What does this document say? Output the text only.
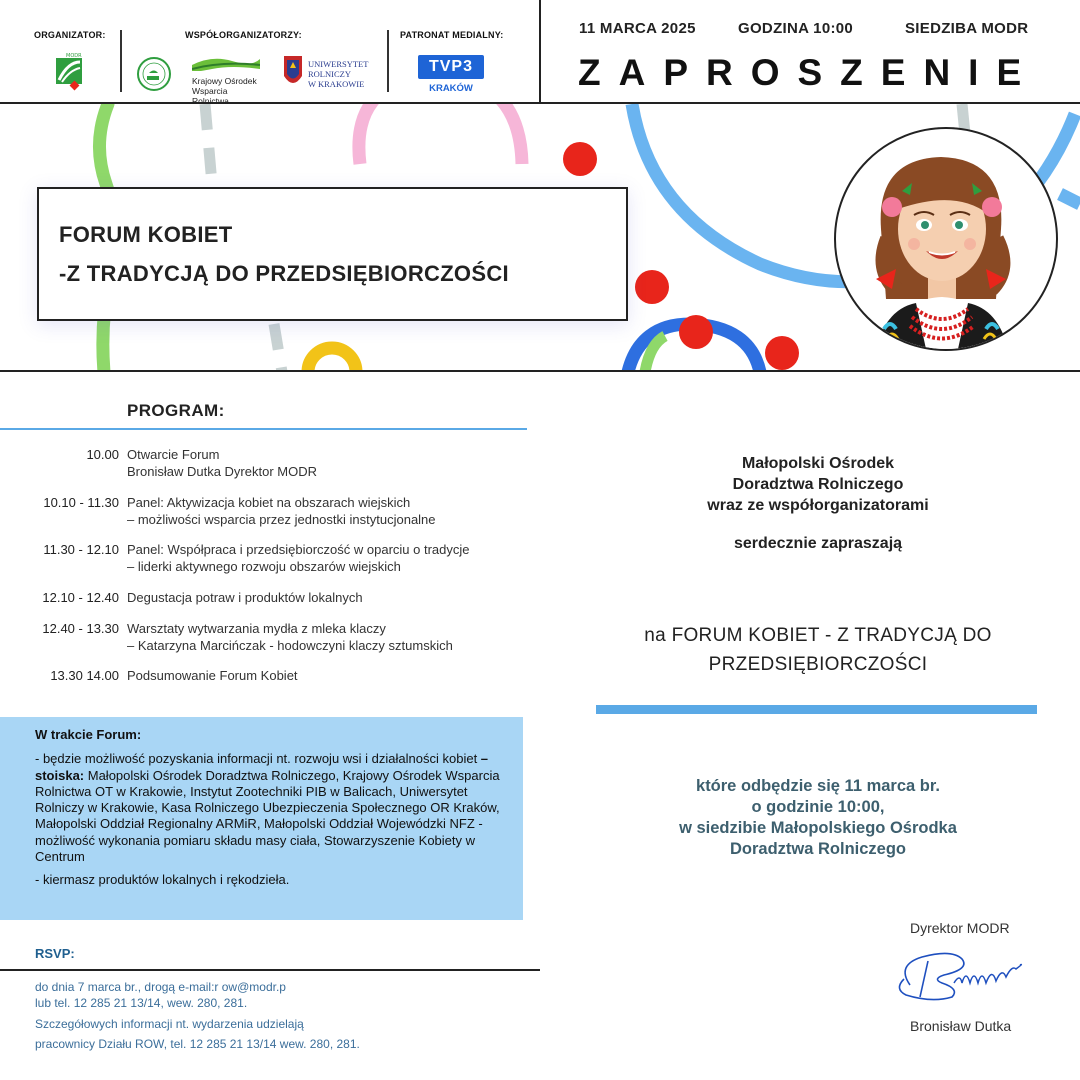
ORGANIZATOR:	WSPÓŁORGANIZATORZY:	PATRONAT MEDIALNY:
MODR
Krajowy Ośrodek
Wsparcia Rolnictwa
UNIWERSYTET
ROLNICZY
W KRAKOWIE
TVP3
KRAKÓW
11 MARCA 2025	GODZINA 10:00	SIEDZIBA MODR
ZAPROSZENIE
FORUM KOBIET
-Z TRADYCJĄ DO PRZEDSIĘBIORCZOŚCI
PROGRAM:
10.00 Otwarcie Forum
Bronisław Dutka Dyrektor MODR
10.10 - 11.30 Panel: Aktywizacja kobiet na obszarach wiejskich
– możliwości wsparcia przez jednostki instytucjonalne
11.30 - 12.10 Panel: Współpraca i przedsiębiorczość w oparciu o tradycje
– liderki aktywnego rozwoju obszarów wiejskich
12.10 - 12.40 Degustacja potraw i produktów lokalnych
12.40 - 13.30 Warsztaty wytwarzania mydła z mleka klaczy
– Katarzyna Marcińczak - hodowczyni klaczy sztumskich
13.30 14.00 Podsumowanie Forum Kobiet
W trakcie Forum:
- będzie możliwość pozyskania informacji nt. rozwoju wsi i działalności kobiet – stoiska: Małopolski Ośrodek Doradztwa Rolniczego, Krajowy Ośrodek Wsparcia Rolnictwa OT w Krakowie, Instytut Zootechniki PIB w Balicach, Uniwersytet Rolniczy w Krakowie, Kasa Rolniczego Ubezpieczenia Społecznego OR Kraków, Małopolski Oddział Regionalny ARMiR, Małopolski Oddział Wojewódzki NFZ - możliwość wykonania pomiaru składu masy ciała, Stowarzyszenie Kobiety w Centrum
- kiermasz produktów lokalnych i rękodzieła.
RSVP:
do dnia 7 marca br., drogą e-mail:r ow@modr.p
lub tel. 12 285 21 13/14, wew. 280, 281.
Szczegółowych informacji nt. wydarzenia udzielają
pracownicy Działu ROW, tel. 12 285 21 13/14 wew. 280, 281.
Małopolski Ośrodek
Doradztwa Rolniczego
wraz ze współorganizatorami
serdecznie zapraszają
na FORUM KOBIET - Z TRADYCJĄ DO
PRZEDSIĘBIORCZOŚCI
które odbędzie się 11 marca br.
o godzinie 10:00,
w siedzibie Małopolskiego Ośrodka
Doradztwa Rolniczego
Dyrektor MODR
Bronisław Dutka
